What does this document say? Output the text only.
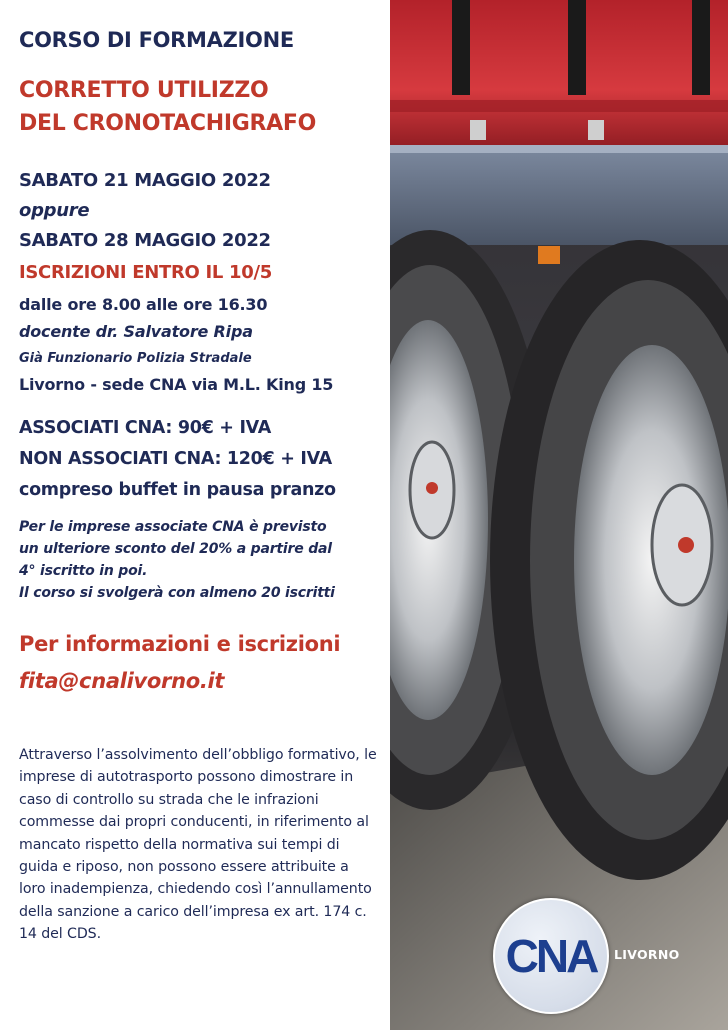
CORSO DI FORMAZIONE

CORRETTO UTILIZZO
DEL CRONOTACHIGRAFO

SABATO 21 MAGGIO 2022

oppure

SABATO 28 MAGGIO 2022

ISCRIZIONI ENTRO IL 10/5

dalle ore 8.00 alle ore 16.30

docente dr. Salvatore Ripa

Già Funzionario Polizia Stradale

Livorno - sede CNA via M.L. King 15

ASSOCIATI CNA: 90€ + IVA

NON ASSOCIATI CNA: 120€ + IVA

compreso buffet in pausa pranzo

Per le imprese associate CNA è previsto
un ulteriore sconto del 20% a partire dal
4° iscritto in poi.
Il corso si svolgerà con almeno 20 iscritti

Per informazioni e iscrizioni

fita@cnalivorno.it

Attraverso l’assolvimento dell’obbligo formativo, le imprese di autotrasporto possono dimostrare in caso di controllo su strada che le infrazioni commesse dai propri conducenti, in riferimento al mancato rispetto della normativa sui tempi di guida e riposo, non possono essere attribuite a loro inadempienza, chiedendo così l’annullamento della sanzione a carico dell’impresa ex art. 174 c. 14 del CDS.	CNA LIVORNO
